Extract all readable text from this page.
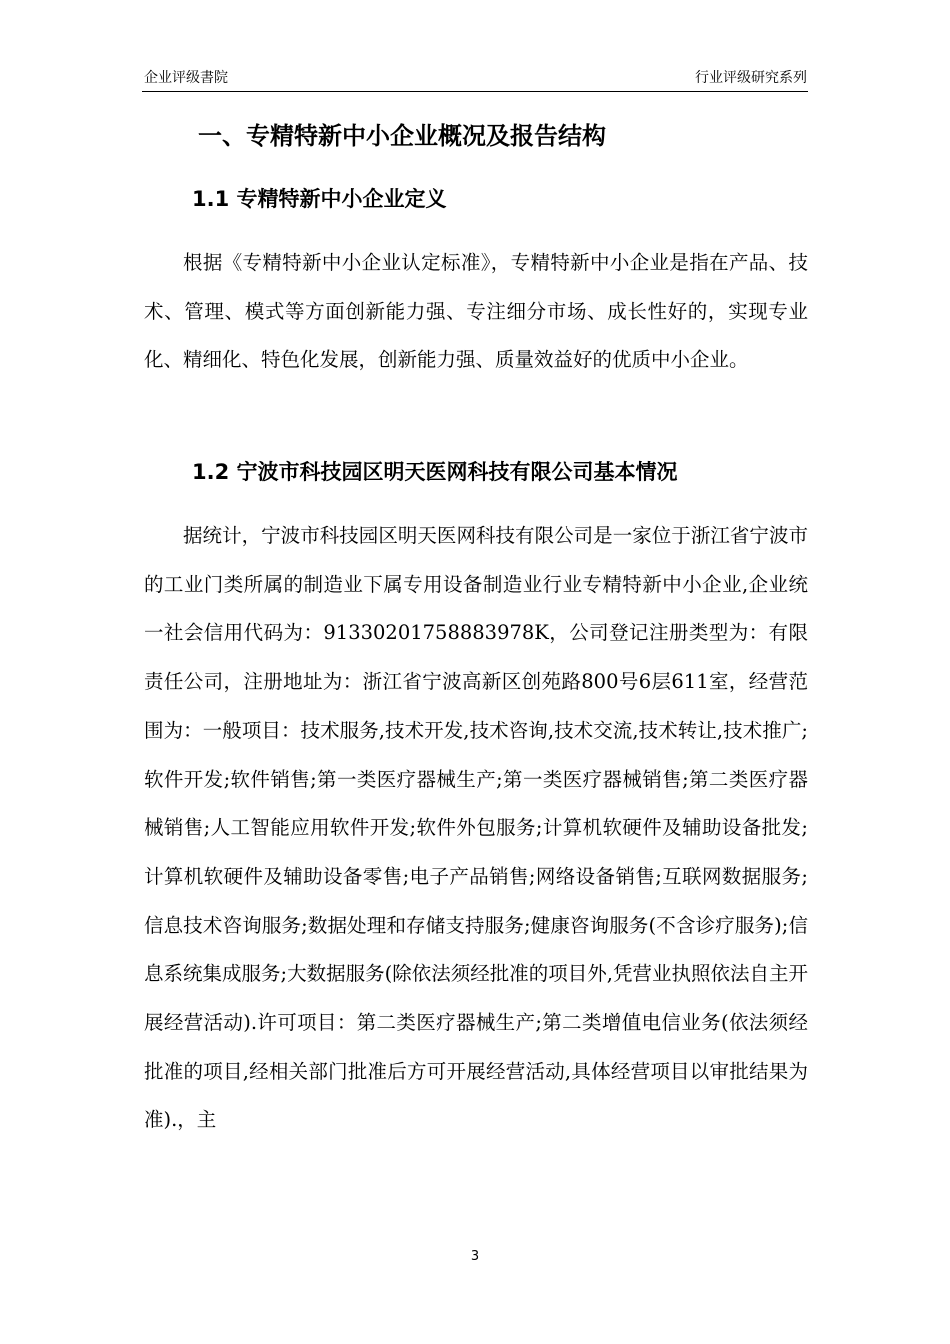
企业评级書院	行业评级研究系列
一、专精特新中小企业概况及报告结构
1.1 专精特新中小企业定义

根据《专精特新中小企业认定标准》，专精特新中小企业是指在产品、技术、管理、模式等方面创新能力强、专注细分市场、成长性好的，实现专业化、精细化、特色化发展，创新能力强、质量效益好的优质中小企业。

1.2 宁波市科技园区明天医网科技有限公司基本情况

据统计，宁波市科技园区明天医网科技有限公司是一家位于浙江省宁波市的工业门类所属的制造业下属专用设备制造业行业专精特新中小企业,企业统一社会信用代码为：91330201758883978K，公司登记注册类型为：有限责任公司，注册地址为：浙江省宁波高新区创苑路800号6层611室，经营范围为：一般项目：技术服务,技术开发,技术咨询,技术交流,技术转让,技术推广;软件开发;软件销售;第一类医疗器械生产;第一类医疗器械销售;第二类医疗器械销售;人工智能应用软件开发;软件外包服务;计算机软硬件及辅助设备批发;计算机软硬件及辅助设备零售;电子产品销售;网络设备销售;互联网数据服务;信息技术咨询服务;数据处理和存储支持服务;健康咨询服务(不含诊疗服务);信息系统集成服务;大数据服务(除依法须经批准的项目外,凭营业执照依法自主开展经营活动).许可项目：第二类医疗器械生产;第二类增值电信业务(依法须经批准的项目,经相关部门批准后方可开展经营活动,具体经营项目以审批结果为准).，主

3
